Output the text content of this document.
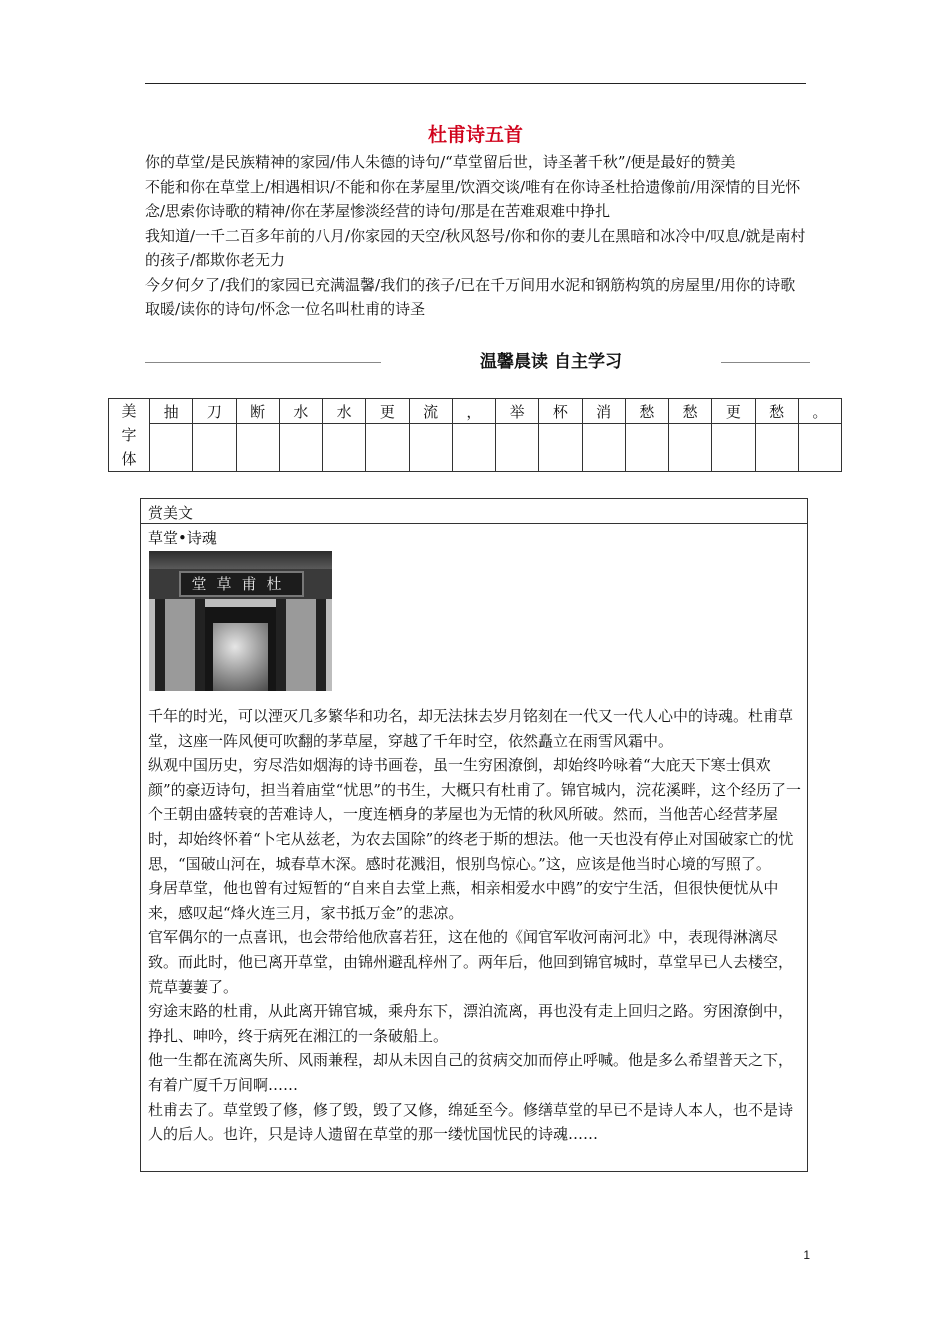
杜甫诗五首

你的草堂/是民族精神的家园/伟人朱德的诗句/“草堂留后世，诗圣著千秋”/便是最好的赞美

不能和你在草堂上/相遇相识/不能和你在茅屋里/饮酒交谈/唯有在你诗圣杜拾遗像前/用深情的目光怀念/思索你诗歌的精神/你在茅屋惨淡经营的诗句/那是在苦难艰难中挣扎

我知道/一千二百多年前的八月/你家园的天空/秋风怒号/你和你的妻儿在黑暗和冰冷中/叹息/就是南村的孩子/都欺你老无力

今夕何夕了/我们的家园已充满温馨/我们的孩子/已在千万间用水泥和钢筋构筑的房屋里/用你的诗歌取暖/读你的诗句/怀念一位名叫杜甫的诗圣

温馨晨读 自主学习
美字体	抽	刀	断	水	水	更	流	，	举	杯	消	愁	愁	更	愁	。

赏美文
草堂•诗魂
堂草甫杜

千年的时光，可以湮灭几多繁华和功名，却无法抹去岁月铭刻在一代又一代人心中的诗魂。杜甫草堂，这座一阵风便可吹翻的茅草屋，穿越了千年时空，依然矗立在雨雪风霜中。

纵观中国历史，穷尽浩如烟海的诗书画卷，虽一生穷困潦倒，却始终吟咏着“大庇天下寒士俱欢颜”的豪迈诗句，担当着庙堂“忧思”的书生，大概只有杜甫了。锦官城内，浣花溪畔，这个经历了一个王朝由盛转衰的苦难诗人，一度连栖身的茅屋也为无情的秋风所破。然而，当他苦心经营茅屋时，却始终怀着“卜宅从兹老，为农去国除”的终老于斯的想法。他一天也没有停止对国破家亡的忧思，“国破山河在，城春草木深。感时花溅泪，恨别鸟惊心。”这，应该是他当时心境的写照了。

身居草堂，他也曾有过短暂的“自来自去堂上燕，相亲相爱水中鸥”的安宁生活，但很快便忧从中来，感叹起“烽火连三月，家书抵万金”的悲凉。

官军偶尔的一点喜讯，也会带给他欣喜若狂，这在他的《闻官军收河南河北》中，表现得淋漓尽致。而此时，他已离开草堂，由锦州避乱梓州了。两年后，他回到锦官城时，草堂早已人去楼空，荒草萋萋了。

穷途末路的杜甫，从此离开锦官城，乘舟东下，漂泊流离，再也没有走上回归之路。穷困潦倒中，挣扎、呻吟，终于病死在湘江的一条破船上。

他一生都在流离失所、风雨兼程，却从未因自己的贫病交加而停止呼喊。他是多么希望普天之下，有着广厦千万间啊……

杜甫去了。草堂毁了修，修了毁，毁了又修，绵延至今。修缮草堂的早已不是诗人本人，也不是诗人的后人。也许，只是诗人遗留在草堂的那一缕忧国忧民的诗魂……

1
